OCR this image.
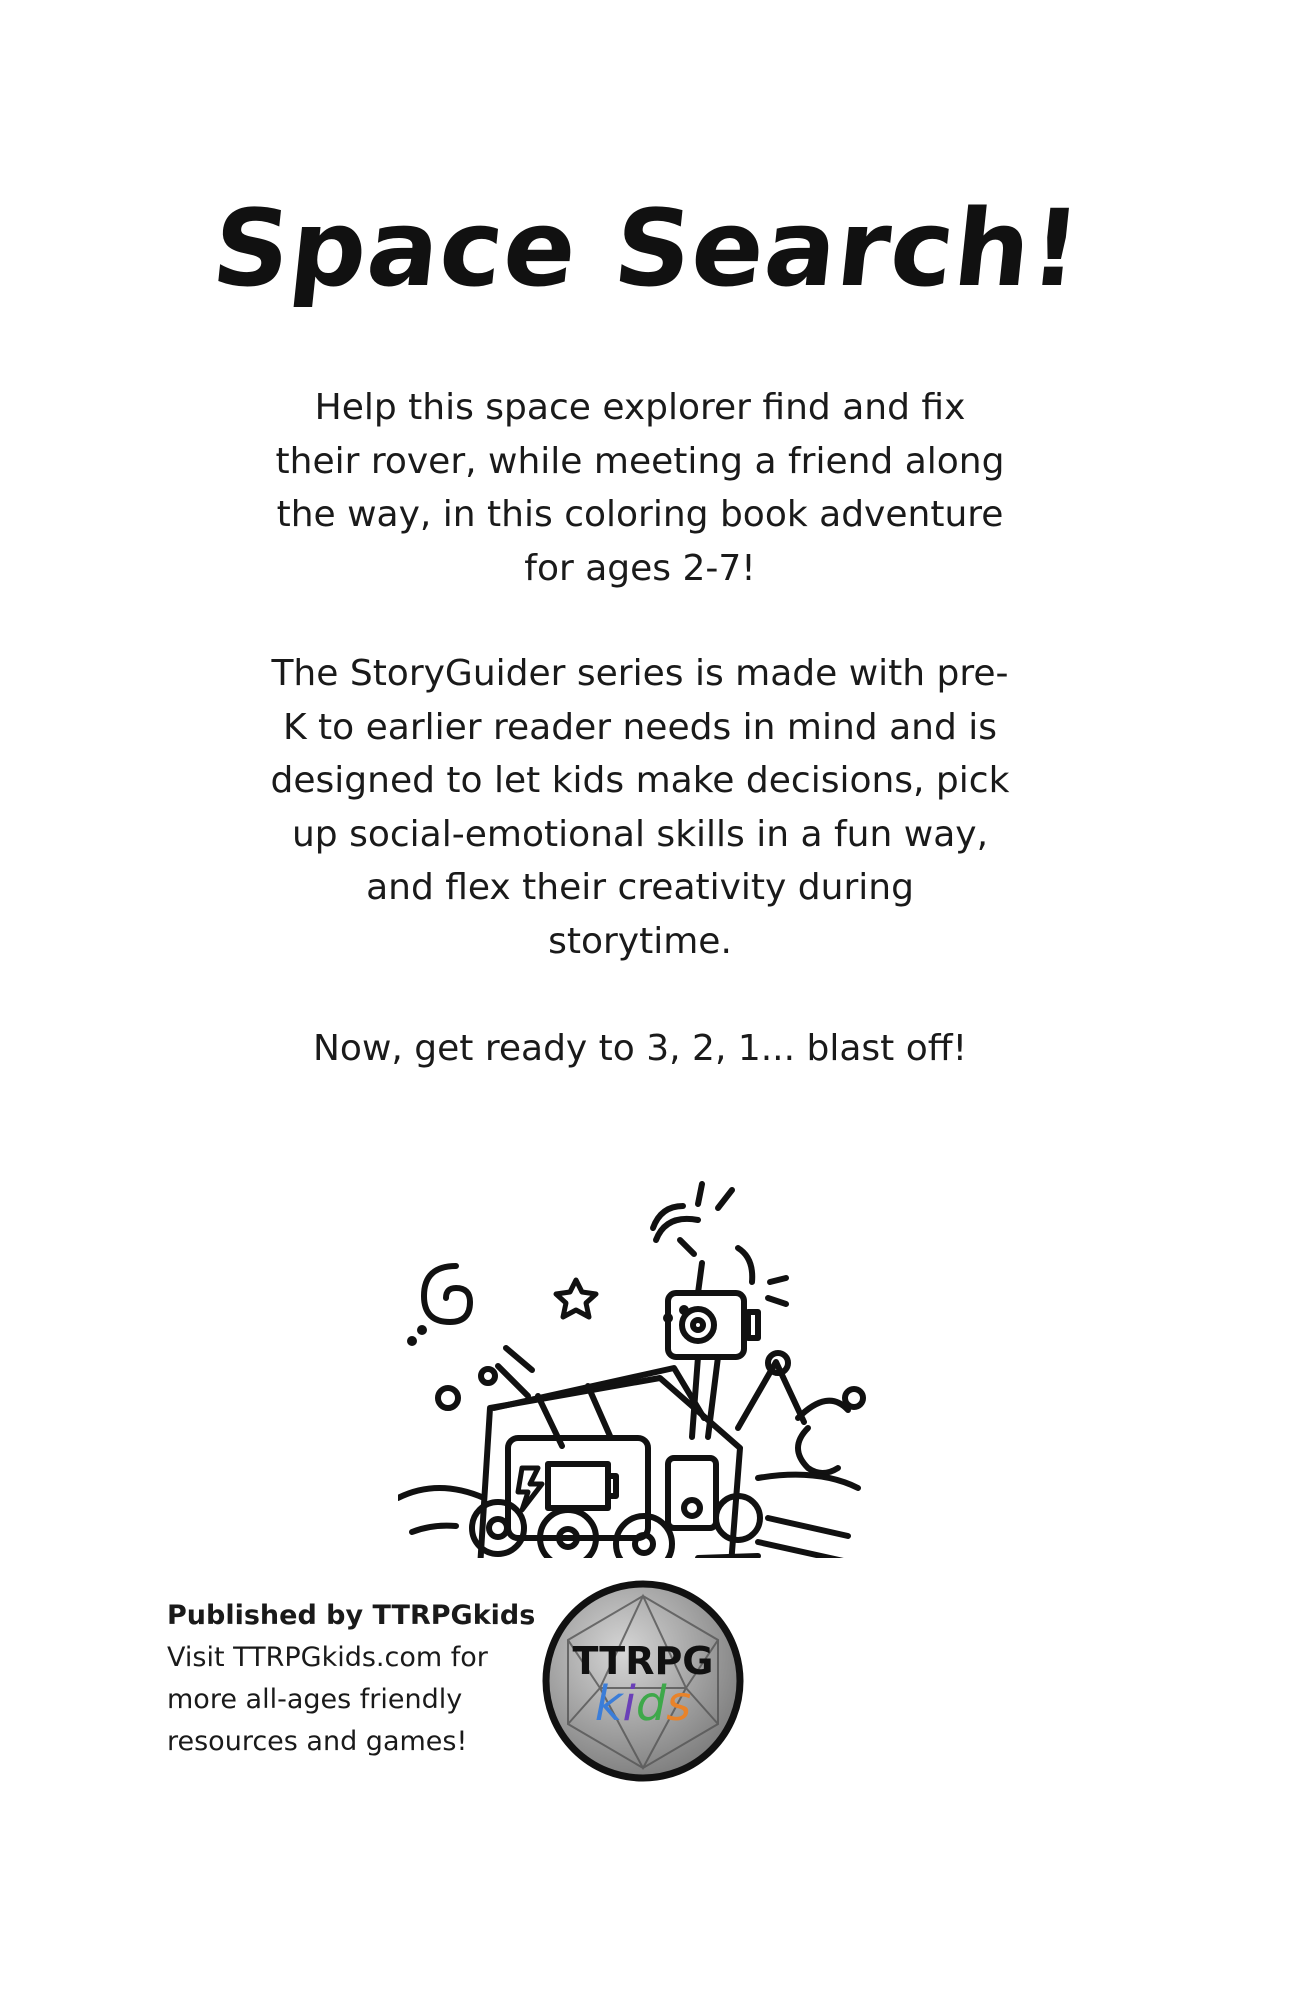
Space Search!

Help this space explorer find and fix their rover, while meeting a friend along the way, in this coloring book adventure for ages 2-7!

The StoryGuider series is made with pre-K to earlier reader needs in mind and is designed to let kids make decisions, pick up social-emotional skills in a fun way, and flex their creativity during storytime.

Now, get ready to 3, 2, 1... blast off!

Published by TTRPGkids
Visit TTRPGkids.com for
more all-ages friendly
resources and games!
TTRPG
kids
